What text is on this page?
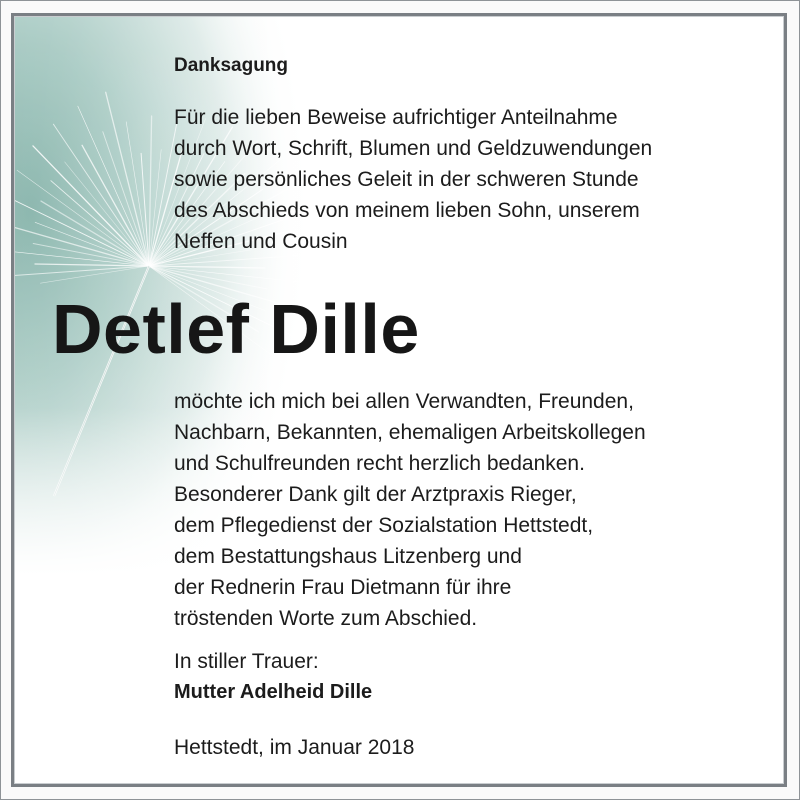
Danksagung
Für die lieben Beweise aufrichtiger Anteilnahme
durch Wort, Schrift, Blumen und Geldzuwendungen
sowie persönliches Geleit in der schweren Stunde
des Abschieds von meinem lieben Sohn, unserem
Neffen und Cousin
Detlef Dille
möchte ich mich bei allen Verwandten, Freunden,
Nachbarn, Bekannten, ehemaligen Arbeitskollegen
und Schulfreunden recht herzlich bedanken.
Besonderer Dank gilt der Arztpraxis Rieger,
dem Pflegedienst der Sozialstation Hettstedt,
dem Bestattungshaus Litzenberg und
der Rednerin Frau Dietmann für ihre
tröstenden Worte zum Abschied.
In stiller Trauer:
Mutter Adelheid Dille
Hettstedt, im Januar 2018
